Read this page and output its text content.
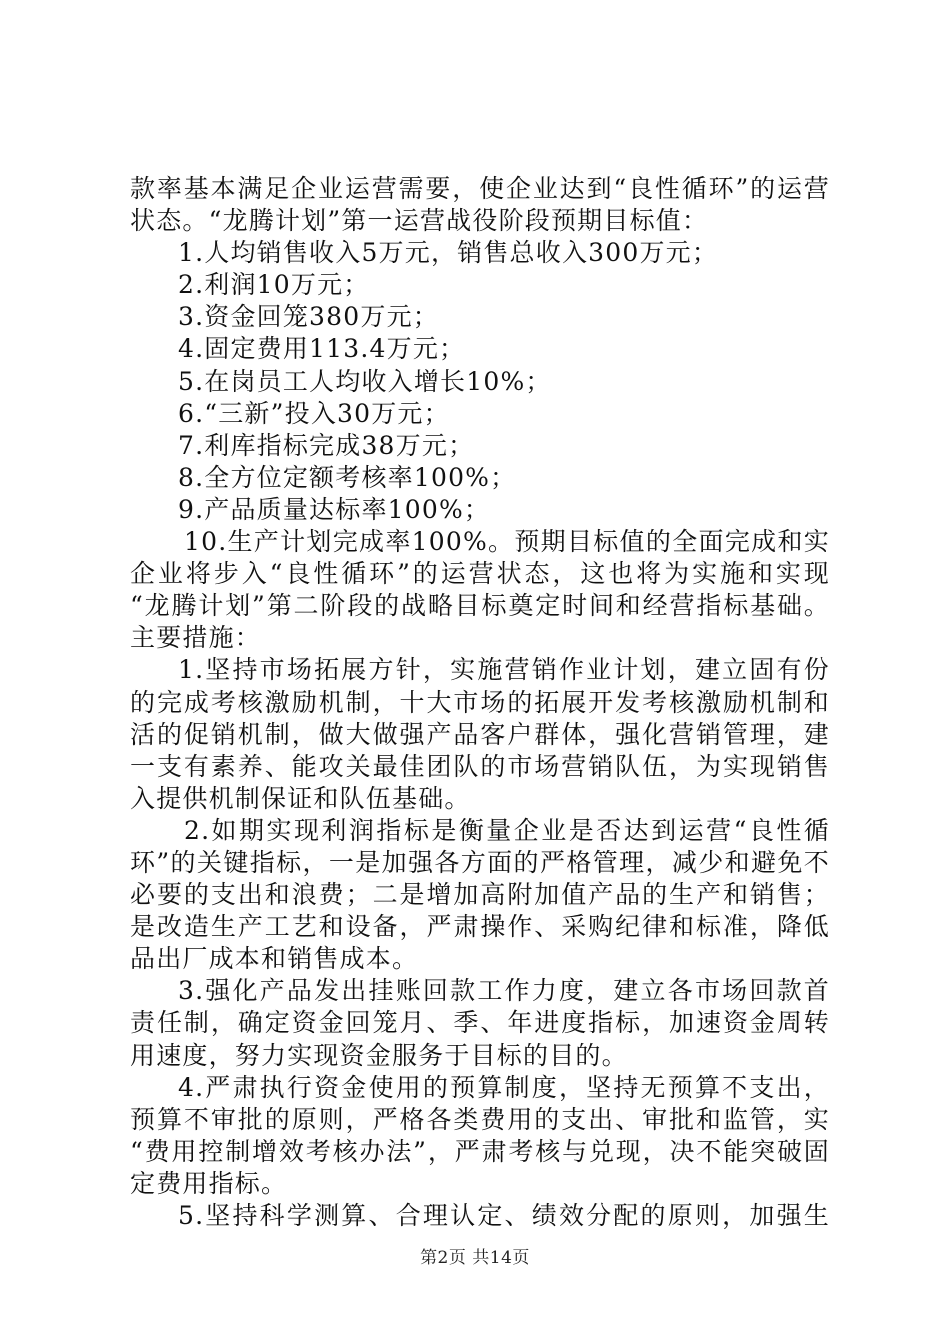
款率基本满足企业运营需要，使企业达到“良性循环”的运营
状态。“龙腾计划”第一运营战役阶段预期目标值：
1.人均销售收入5万元，销售总收入300万元；
2.利润10万元；
3.资金回笼380万元；
4.固定费用113.4万元；
5.在岗员工人均收入增长10%；
6.“三新”投入30万元；
7.利库指标完成38万元；
8.全方位定额考核率100%；
9.产品质量达标率100%；
10.生产计划完成率100%。预期目标值的全面完成和实
企业将步入“良性循环”的运营状态，这也将为实施和实现
“龙腾计划”第二阶段的战略目标奠定时间和经营指标基础。
主要措施：
1.坚持市场拓展方针，实施营销作业计划，建立固有份
的完成考核激励机制，十大市场的拓展开发考核激励机制和
活的促销机制，做大做强产品客户群体，强化营销管理，建
一支有素养、能攻关最佳团队的市场营销队伍，为实现销售
入提供机制保证和队伍基础。
2.如期实现利润指标是衡量企业是否达到运营“良性循
环”的关键指标，一是加强各方面的严格管理，减少和避免不
必要的支出和浪费；二是增加高附加值产品的生产和销售；
是改造生产工艺和设备，严肃操作、采购纪律和标准，降低
品出厂成本和销售成本。
3.强化产品发出挂账回款工作力度，建立各市场回款首
责任制，确定资金回笼月、季、年进度指标，加速资金周转
用速度，努力实现资金服务于目标的目的。
4.严肃执行资金使用的预算制度，坚持无预算不支出，
预算不审批的原则，严格各类费用的支出、审批和监管，实
“费用控制增效考核办法”，严肃考核与兑现，决不能突破固
定费用指标。
5.坚持科学测算、合理认定、绩效分配的原则，加强生
第2页 共14页
